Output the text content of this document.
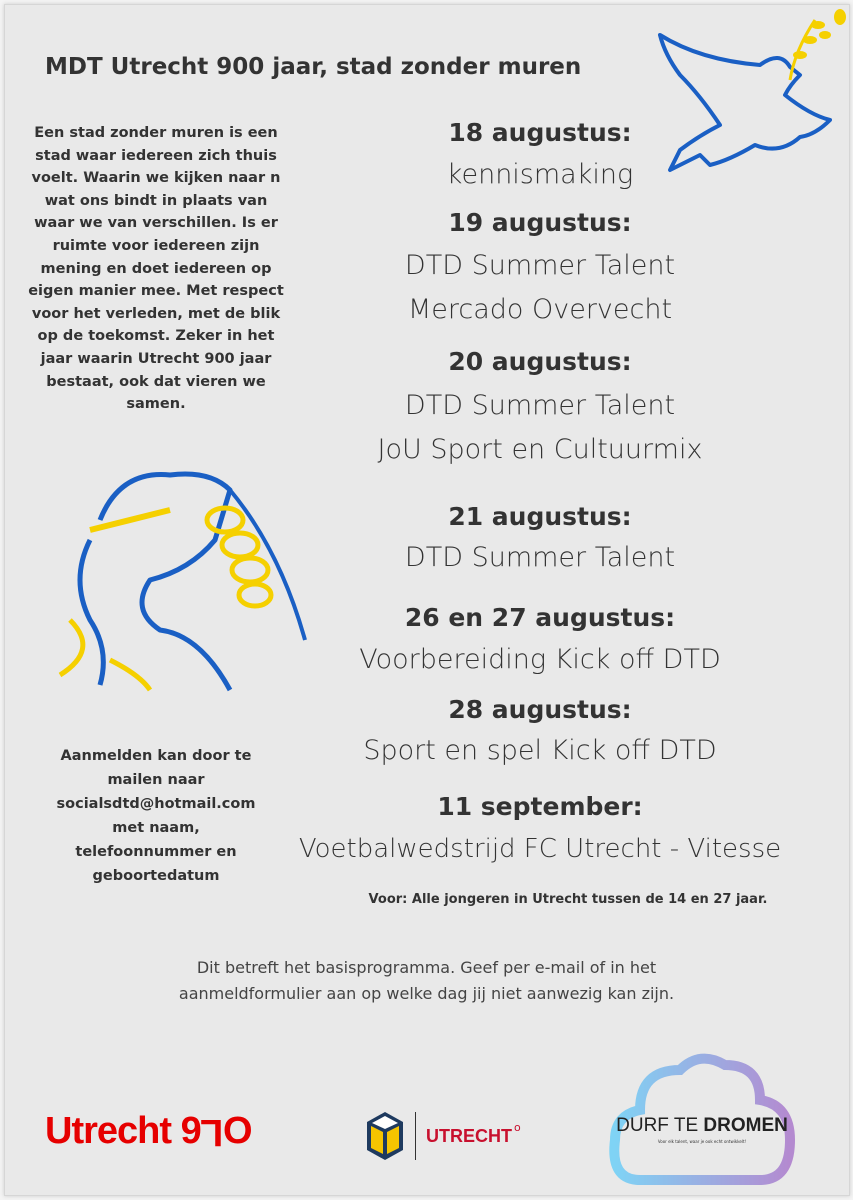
MDT Utrecht 900 jaar, stad zonder muren
Een stad zonder muren is een
stad waar iedereen zich thuis
voelt. Waarin we kijken naar n
wat ons bindt in plaats van
waar we van verschillen. Is er
ruimte voor iedereen zijn
mening en doet iedereen op
eigen manier mee. Met respect
voor het verleden, met de blik
op de toekomst. Zeker in het
jaar waarin Utrecht 900 jaar
bestaat, ook dat vieren we
samen.
18 augustus:
kennismaking
19 augustus:
DTD Summer Talent
Mercado Overvecht
20 augustus:
DTD Summer Talent
JoU Sport en Cultuurmix
21 augustus:
DTD Summer Talent
26 en 27 augustus:
Voorbereiding Kick off DTD
28 augustus:
Sport en spel Kick off DTD
11 september:
Voetbalwedstrijd FC Utrecht - Vitesse
Aanmelden kan door te
mailen naar
socialsdtd@hotmail.com
met naam,
telefoonnummer en
geboortedatum
Voor: Alle jongeren in Utrecht tussen de 14 en 27 jaar.
Dit betreft het basisprogramma. Geef per e-mail of in het
aanmeldformulier aan op welke dag jij niet aanwezig kan zijn.
Utrecht 9LO	UTRECHT o	DURF TE DROMEN
Voor elk talent, waar je ook echt ontwikkelt!
